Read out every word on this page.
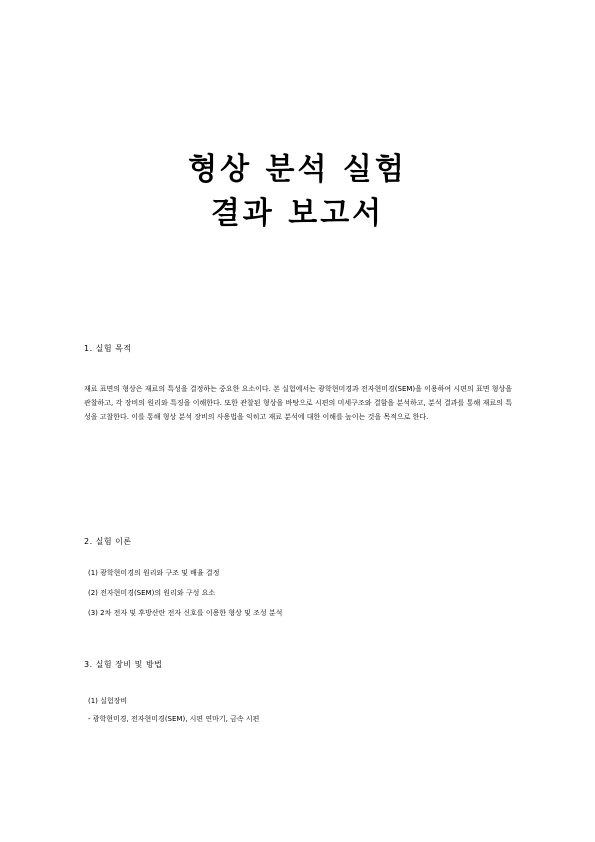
형상 분석 실험
결과 보고서
1. 실험 목적
재료 표면의 형상은 재료의 특성을 결정하는 중요한 요소이다. 본 실험에서는 광학현미경과 전자현미경(SEM)을 이용하여 시편의 표면 형상을 관찰하고, 각 장비의 원리와 특징을 이해한다. 또한 관찰된 형상을 바탕으로 시편의 미세구조와 결함을 분석하고, 분석 결과를 통해 재료의 특성을 고찰한다. 이를 통해 형상 분석 장비의 사용법을 익히고 재료 분석에 대한 이해를 높이는 것을 목적으로 한다.
2. 실험 이론
(1) 광학현미경의 원리와 구조 및 배율 결정
(2) 전자현미경(SEM)의 원리와 구성 요소
(3) 2차 전자 및 후방산란 전자 신호를 이용한 형상 및 조성 분석
3. 실험 장비 및 방법
(1) 실험장비
- 광학현미경, 전자현미경(SEM), 시편 연마기, 금속 시편
